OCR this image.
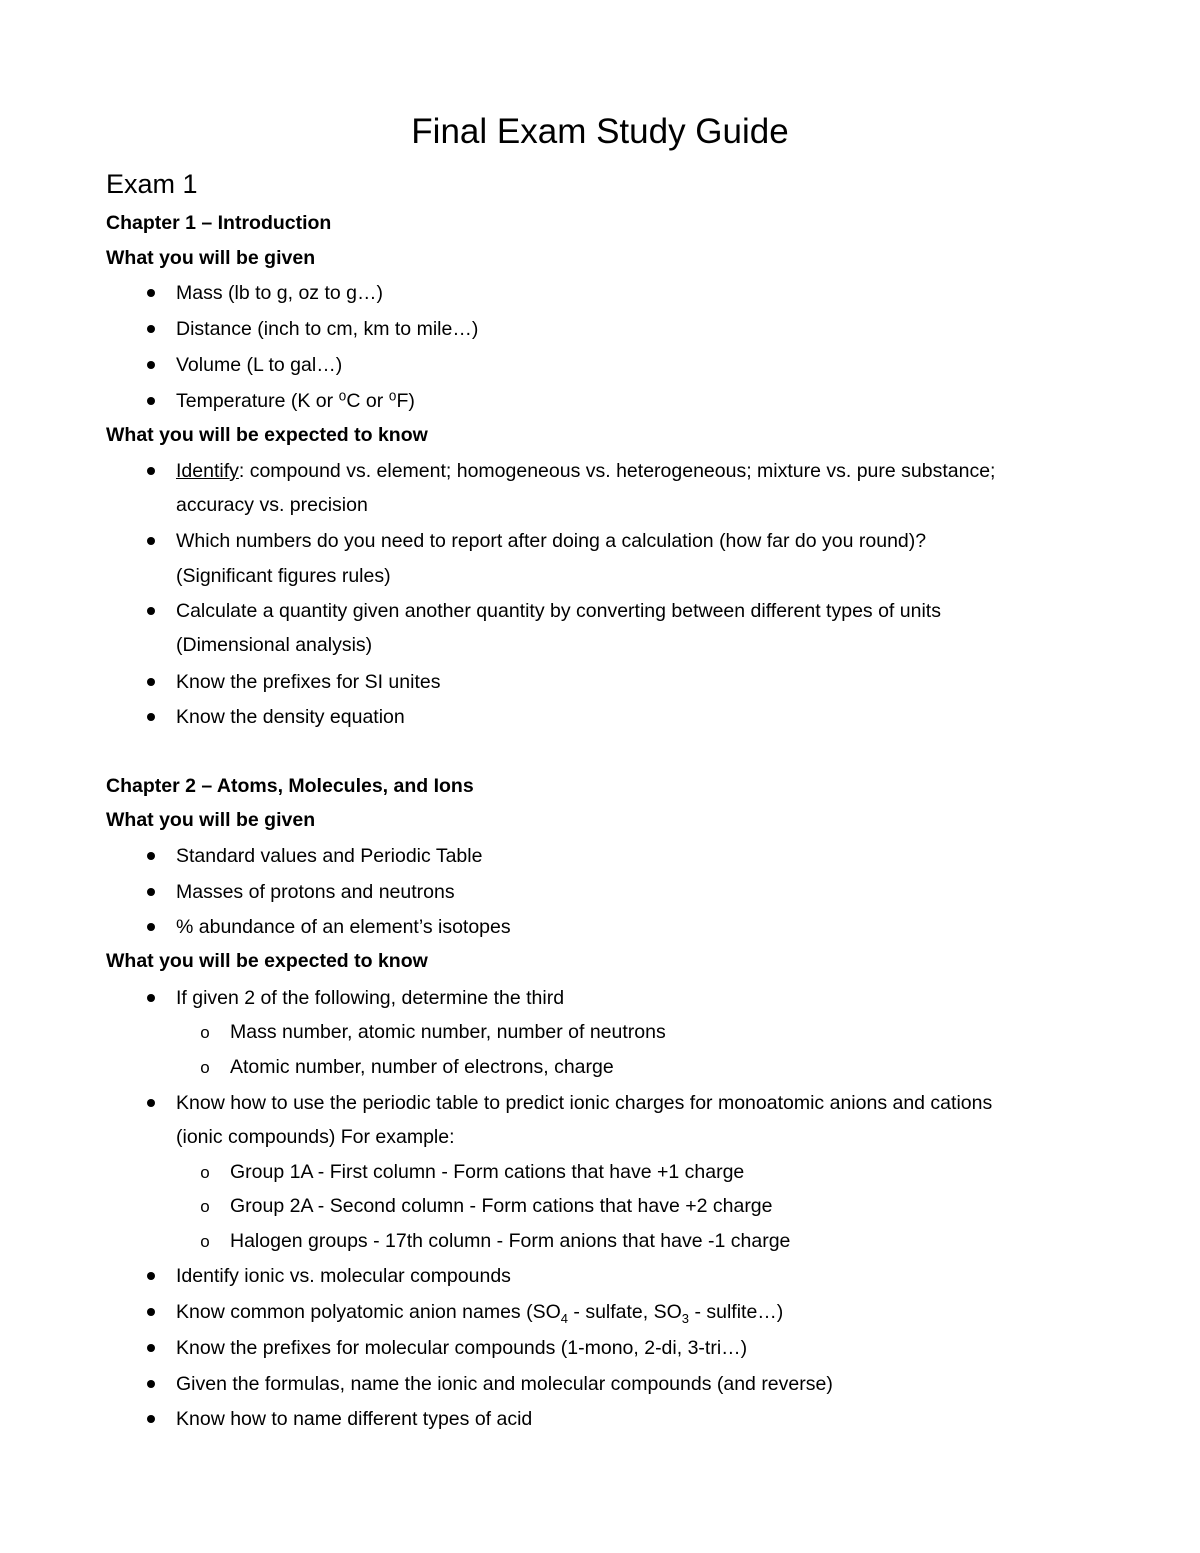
Final Exam Study Guide
Exam 1
Chapter 1 – Introduction
What you will be given
Mass (lb to g, oz to g…)
Distance (inch to cm, km to mile…)
Volume (L to gal…)
Temperature (K or ⁰C or ⁰F)
What you will be expected to know
Identify: compound vs. element; homogeneous vs. heterogeneous; mixture vs. pure substance;
accuracy vs. precision
Which numbers do you need to report after doing a calculation (how far do you round)?
(Significant figures rules)
Calculate a quantity given another quantity by converting between different types of units
(Dimensional analysis)
Know the prefixes for SI unites
Know the density equation
Chapter 2 – Atoms, Molecules, and Ions
What you will be given
Standard values and Periodic Table
Masses of protons and neutrons
% abundance of an element’s isotopes
What you will be expected to know
If given 2 of the following, determine the third
o Mass number, atomic number, number of neutrons
o Atomic number, number of electrons, charge
Know how to use the periodic table to predict ionic charges for monoatomic anions and cations
(ionic compounds) For example:
o Group 1A - First column - Form cations that have +1 charge
o Group 2A - Second column - Form cations that have +2 charge
o Halogen groups - 17th column - Form anions that have -1 charge
Identify ionic vs. molecular compounds
Know common polyatomic anion names ($SO_4$ - sulfate, $SO_3$ - sulfite…)
Know the prefixes for molecular compounds (1-mono, 2-di, 3-tri…)
Given the formulas, name the ionic and molecular compounds (and reverse)
Know how to name different types of acid
